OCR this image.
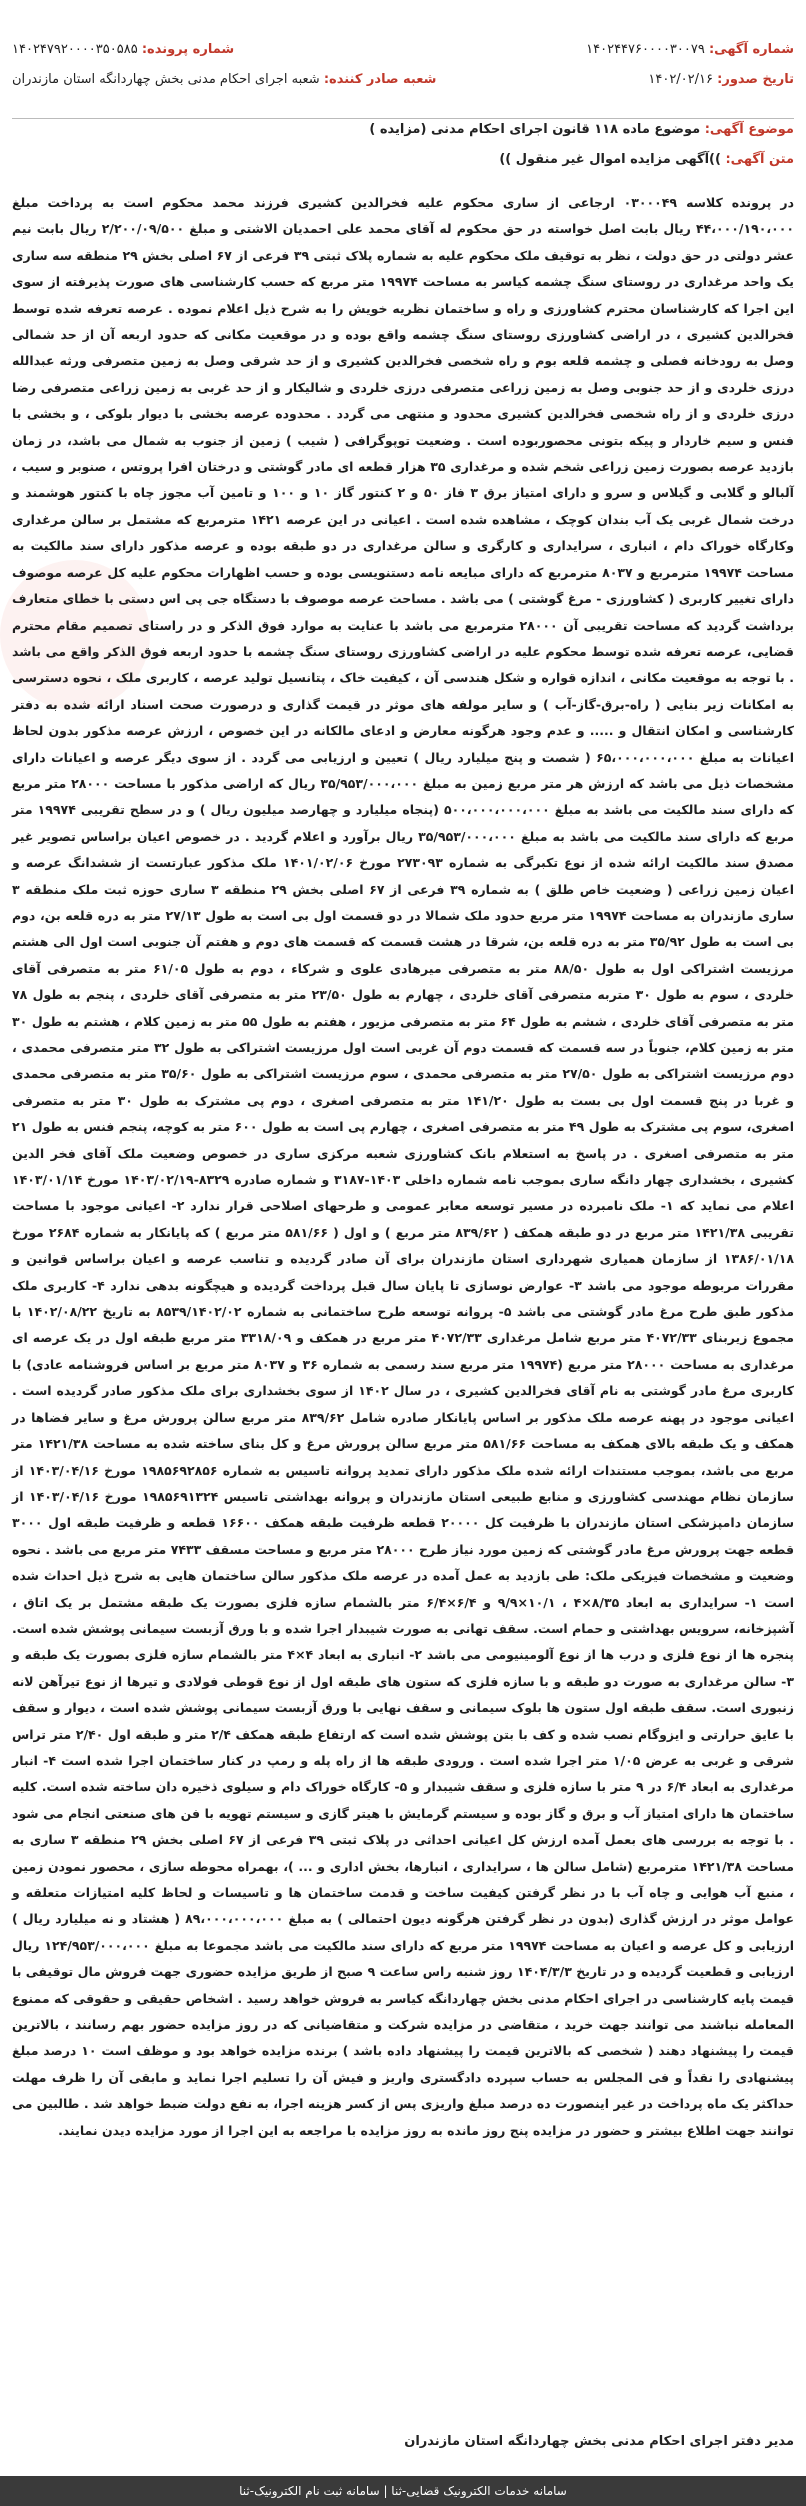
شماره آگهی: ۱۴۰۲۴۴۷۶۰۰۰۰۳۰۰۷۹
تاریخ صدور: ۱۴۰۲/۰۲/۱۶
شماره پرونده: ۱۴۰۲۴۷۹۲۰۰۰۰۳۵۰۵۸۵
شعبه صادر کننده: شعبه اجرای احکام مدنی بخش چهاردانگه استان مازندران
موضوع آگهی: موضوع ماده ۱۱۸ قانون اجرای احکام مدنی (مزایده )
متن آگهی: ))آگهی مزایده اموال غیر منقول ))

در پرونده کلاسه ۰۳۰۰۰۴۹ ارجاعی از ساری محکوم علیه فخرالدین کشیری فرزند محمد محکوم است به پرداخت مبلغ ۴۴،۰۰۰/۱۹۰،۰۰۰ ریال بابت اصل خواسته در حق محکوم له آقای محمد علی احمدیان الاشتی و مبلغ ۲/۲۰۰/۰۹/۵۰۰ ریال بابت نیم عشر دولتی در حق دولت ، نظر به توقیف ملک محکوم علیه به شماره پلاک ثبتی ۳۹ فرعی از ۶۷ اصلی بخش ۲۹ منطقه سه ساری یک واحد مرغداری در روستای سنگ چشمه کیاسر به مساحت ۱۹۹۷۴ متر مربع که حسب کارشناسی های صورت پذیرفته از سوی این اجرا که کارشناسان محترم کشاورزی و راه و ساختمان نظریه خویش را به شرح ذیل اعلام نموده . عرصه تعرفه شده توسط فخرالدین کشیری ، در اراضی کشاورزی روستای سنگ چشمه واقع بوده و در موقعیت مکانی که حدود اربعه آن از حد شمالی وصل به رودخانه فصلی و چشمه قلعه بوم و راه شخصی فخرالدین کشیری و از حد شرقی وصل به زمین متصرفی ورثه عبدالله درزی خلردی و از حد جنوبی وصل به زمین زراعی متصرفی درزی خلردی و شالیکار و از حد غربی به زمین زراعی متصرفی رضا درزی خلردی و از راه شخصی فخرالدین کشیری محدود و منتهی می گردد . محدوده عرصه بخشی با دیوار بلوکی ، و بخشی با فنس و سیم خاردار و پیکه بتونی محصوربوده است . وضعیت توپوگرافی ( شیب ) زمین از جنوب به شمال می باشد، در زمان بازدید عرصه بصورت زمین زراعی شخم شده و مرغداری ۳۵ هزار قطعه ای مادر گوشتی و درختان افرا پروتس ، صنوبر و سیب ، آلبالو و گلابی و گیلاس و سرو و دارای امتیاز برق ۳ فاز ۵۰ و ۲ کنتور گاز ۱۰ و ۱۰۰ و تامین آب مجوز چاه با کنتور هوشمند و درخت شمال غربی یک آب بندان کوچک ، مشاهده شده است . اعیانی در این عرصه ۱۴۲۱ مترمربع که مشتمل بر سالن مرغداری وکارگاه خوراک دام ، انباری ، سرایداری و کارگری و سالن مرغداری در دو طبقه بوده و عرصه مذکور دارای سند مالکیت به مساحت ۱۹۹۷۴ مترمربع و ۸۰۳۷ مترمربع که دارای مبایعه نامه دستنویسی بوده و حسب اظهارات محکوم علیه کل عرصه موصوف دارای تغییر کاربری ( کشاورزی - مرغ گوشتی ) می باشد . مساحت عرصه موصوف با دستگاه جی پی اس دستی با خطای متعارف برداشت گردید که مساحت تقریبی آن ۲۸۰۰۰ مترمربع می باشد با عنایت به موارد فوق الذکر و در راستای تصمیم مقام محترم قضایی، عرصه تعرفه شده توسط محکوم علیه در اراضی کشاورزی روستای سنگ چشمه با حدود اربعه فوق الذکر واقع می باشد . با توجه به موقعیت مکانی ، اندازه قواره و شکل هندسی آن ، کیفیت خاک ، پتانسیل تولید عرصه ، کاربری ملک ، نحوه دسترسی به امکانات زیر بنایی ( راه-برق-گاز-آب ) و سایر مولفه های موثر در قیمت گذاری و درصورت صحت اسناد ارائه شده به دفتر کارشناسی و امکان انتقال و ..... و عدم وجود هرگونه معارض و ادعای مالکانه در این خصوص ، ارزش عرصه مذکور بدون لحاظ اعیانات به مبلغ ۶۵،۰۰۰،۰۰۰،۰۰۰ ( شصت و پنج میلیارد ریال ) تعیین و ارزیابی می گردد . از سوی دیگر عرصه و اعیانات دارای مشخصات ذیل می باشد که ارزش هر متر مربع زمین به مبلغ ۳۵/۹۵۳/۰۰۰،۰۰۰ ریال که اراضی مذکور با مساحت ۲۸۰۰۰ متر مربع که دارای سند مالکیت می باشد به مبلغ ۵۰۰،۰۰۰،۰۰۰،۰۰۰ (پنجاه میلیارد و چهارصد میلیون ریال ) و در سطح تقریبی ۱۹۹۷۴ متر مربع که دارای سند مالکیت می باشد به مبلغ ۳۵/۹۵۳/۰۰۰،۰۰۰ ریال برآورد و اعلام گردید . در خصوص اعیان براساس تصویر غیر مصدق سند مالکیت ارائه شده از نوع تکبرگی به شماره ۲۷۳۰۹۳ مورخ ۱۴۰۱/۰۲/۰۶ ملک مذکور عبارتست از ششدانگ عرصه و اعیان زمین زراعی ( وضعیت خاص طلق ) به شماره ۳۹ فرعی از ۶۷ اصلی بخش ۲۹ منطقه ۳ ساری حوزه ثبت ملک منطقه ۳ ساری مازندران به مساحت ۱۹۹۷۴ متر مربع حدود ملک شمالا در دو قسمت اول بی است به طول ۲۷/۱۳ متر به دره قلعه بن، دوم بی است به طول ۳۵/۹۲ متر به دره قلعه بن، شرقا در هشت قسمت که قسمت های دوم و هفتم آن جنوبی است اول الی هشتم مرزیست اشتراکی اول به طول ۸۸/۵۰ متر به متصرفی میرهادی علوی و شرکاء ، دوم به طول ۶۱/۰۵ متر به متصرفی آقای خلردی ، سوم به طول ۳۰ متربه متصرفی آقای خلردی ، چهارم به طول ۲۳/۵۰ متر به متصرفی آقای خلردی ، پنجم به طول ۷۸ متر به متصرفی آقای خلردی ، ششم به طول ۶۴ متر به متصرفی مزیور ، هفتم به طول ۵۵ متر به زمین کلام ، هشتم به طول ۳۰ متر به زمین کلام، جنوباً در سه قسمت که قسمت دوم آن غربی است اول مرزیست اشتراکی به طول ۳۲ متر متصرفی محمدی ، دوم مرزیست اشتراکی به طول ۲۷/۵۰ متر به متصرفی محمدی ، سوم مرزیست اشتراکی به طول ۳۵/۶۰ متر به متصرفی محمدی و غربا در پنج قسمت اول بی بست به طول ۱۴۱/۲۰ متر به متصرفی اصغری ، دوم پی مشترک به طول ۳۰ متر به متصرفی اصغری، سوم پی مشترک به طول ۴۹ متر به متصرفی اصغری ، چهارم پی است به طول ۶۰۰ متر به کوچه، پنجم فنس به طول ۲۱ متر به متصرفی اصغری . در پاسخ به استعلام بانک کشاورزی شعبه مرکزی ساری در خصوص وضعیت ملک آقای فخر الدین کشیری ، بخشداری چهار دانگه ساری بموجب نامه شماره داخلی ۱۴۰۳-۳۱۸۷ و شماره صادره ۸۳۲۹-۱۴۰۳/۰۲/۱۹ مورخ ۱۴۰۳/۰۱/۱۴ اعلام می نماید که ۱- ملک نامبرده در مسیر توسعه معابر عمومی و طرحهای اصلاحی قرار ندارد ۲- اعیانی موجود با مساحت تقریبی ۱۴۲۱/۳۸ متر مربع در دو طبقه همکف ( ۸۳۹/۶۲ متر مربع ) و اول ( ۵۸۱/۶۶ متر مربع ) که پایانکار به شماره ۲۶۸۴ مورخ ۱۳۸۶/۰۱/۱۸ از سازمان همیاری شهرداری استان مازندران برای آن صادر گردیده و تناسب عرصه و اعیان براساس قوانین و مقررات مربوطه موجود می باشد ۳- عوارض نوسازی تا پایان سال قبل پرداخت گردیده و هیچگونه بدهی ندارد ۴- کاربری ملک مذکور طبق طرح مرغ مادر گوشتی می باشد ۵- پروانه توسعه طرح ساختمانی به شماره ۸۵۳۹/۱۴۰۲/۰۲ به تاریخ ۱۴۰۲/۰۸/۲۲ با مجموع زیربنای ۴۰۷۲/۳۳ متر مربع شامل مرغداری ۴۰۷۲/۳۳ متر مربع در همکف و ۳۳۱۸/۰۹ متر مربع طبقه اول در یک عرصه ای مرغداری به مساحت ۲۸۰۰۰ متر مربع (۱۹۹۷۴ متر مربع سند رسمی به شماره ۳۶ و ۸۰۳۷ متر مربع بر اساس فروشنامه عادی) با کاربری مرغ مادر گوشتی به نام آقای فخرالدین کشیری ، در سال ۱۴۰۲ از سوی بخشداری برای ملک مذکور صادر گردیده است . اعیانی موجود در پهنه عرصه ملک مذکور بر اساس پایانکار صادره شامل ۸۳۹/۶۲ متر مربع سالن پرورش مرغ و سایر فضاها در همکف و یک طبقه بالای همکف به مساحت ۵۸۱/۶۶ متر مربع سالن پرورش مرغ و کل بنای ساخته شده به مساحت ۱۴۲۱/۳۸ متر مربع می باشد، بموجب مستندات ارائه شده ملک مذکور دارای تمدید پروانه تاسیس به شماره ۱۹۸۵۶۹۲۸۵۶ مورخ ۱۴۰۳/۰۴/۱۶ از سازمان نظام مهندسی کشاورزی و منابع طبیعی استان مازندران و پروانه بهداشتی تاسیس ۱۹۸۵۶۹۱۳۲۴ مورخ ۱۴۰۳/۰۴/۱۶ از سازمان دامپزشکی استان مازندران با ظرفیت کل ۲۰۰۰۰ قطعه ظرفیت طبقه همکف ۱۶۶۰۰ قطعه و ظرفیت طبقه اول ۳۰۰۰ قطعه جهت پرورش مرغ مادر گوشتی که زمین مورد نیاز طرح ۲۸۰۰۰ متر مربع و مساحت مسقف ۷۴۳۳ متر مربع می باشد . نحوه وضعیت و مشخصات فیزیکی ملک: طی بازدید به عمل آمده در عرصه ملک مذکور سالن ساختمان هایی به شرح ذیل احداث شده است ۱- سرایداری به ابعاد ۸/۳۵×۴ ، ۱۰/۱×۹/۹ و ۶/۴×۶/۴ متر بالشمام سازه فلزی بصورت یک طبقه مشتمل بر یک اتاق ، آشپزخانه، سرویس بهداشتی و حمام است. سقف تهانی به صورت شیبدار اجرا شده و با ورق آزبست سیمانی پوشش شده است. پنجره ها از نوع فلزی و درب ها از نوع آلومینیومی می باشد ۲- انباری به ابعاد ۴×۴ متر بالشمام سازه فلزی بصورت یک طبقه و ۳- سالن مرغداری به صورت دو طبقه و با سازه فلزی که ستون های طبقه اول از نوع قوطی فولادی و تیرها از نوع تیرآهن لانه زنبوری است. سقف طبقه اول ستون ها بلوک سیمانی و سقف نهایی با ورق آزبست سیمانی پوشش شده است ، دیوار و سقف با عایق حرارتی و ایزوگام نصب شده و کف با بتن پوشش شده است که ارتفاع طبقه همکف ۲/۴ متر و طبقه اول ۲/۴۰ متر تراس شرقی و غربی به عرض ۱/۰۵ متر اجرا شده است . ورودی طبقه ها از راه پله و رمپ در کنار ساختمان اجرا شده است ۴- انبار مرغداری به ابعاد ۶/۴ در ۹ متر با سازه فلزی و سقف شیبدار و ۵- کارگاه خوراک دام و سیلوی ذخیره دان ساخته شده است. کلیه ساختمان ها دارای امتیاز آب و برق و گاز بوده و سیستم گرمایش با هیتر گازی و سیستم تهویه با فن های صنعتی انجام می شود . با توجه به بررسی های بعمل آمده ارزش کل اعیانی احداثی در پلاک ثبتی ۳۹ فرعی از ۶۷ اصلی بخش ۲۹ منطقه ۳ ساری به مساحت ۱۴۲۱/۳۸ مترمربع (شامل سالن ها ، سرایداری ، انبارها، بخش اداری و ... )، بهمراه محوطه سازی ، محصور نمودن زمین ، منبع آب هوایی و چاه آب با در نظر گرفتن کیفیت ساخت و قدمت ساختمان ها و تاسیسات و لحاظ کلیه امتیازات متعلقه و عوامل موثر در ارزش گذاری (بدون در نظر گرفتن هرگونه دیون احتمالی ) به مبلغ ۸۹،۰۰۰،۰۰۰،۰۰۰ ( هشتاد و نه میلیارد ریال ) ارزیابی و کل عرصه و اعیان به مساحت ۱۹۹۷۴ متر مربع که دارای سند مالکیت می باشد مجموعا به مبلغ ۱۲۴/۹۵۳/۰۰۰،۰۰۰ ریال ارزیابی و قطعیت گردیده و در تاریخ ۱۴۰۴/۳/۳ روز شنبه راس ساعت ۹ صبح از طریق مزایده حضوری جهت فروش مال توقیفی با قیمت پایه کارشناسی در اجرای احکام مدنی بخش چهاردانگه کیاسر به فروش خواهد رسید . اشخاص حقیقی و حقوقی که ممنوع المعامله نباشند می توانند جهت خرید ، متقاضی در مزایده شرکت و متقاضیانی که در روز مزایده حضور بهم رسانند ، بالاترین قیمت را پیشنهاد دهند ( شخصی که بالاترین قیمت را پیشنهاد داده باشد ) برنده مزایده خواهد بود و موظف است ۱۰ درصد مبلغ پیشنهادی را نقداً و فی المجلس به حساب سپرده دادگستری واریز و فیش آن را تسلیم اجرا نماید و مابقی آن را ظرف مهلت حداکثر یک ماه پرداخت در غیر اینصورت ده درصد مبلغ واریزی پس از کسر هزینه اجرا، به نفع دولت ضبط خواهد شد . طالبین می توانند جهت اطلاع بیشتر و حضور در مزایده پنج روز مانده به روز مزایده با مراجعه به این اجرا از مورد مزایده دیدن نمایند.

مدیر دفتر اجرای احکام مدنی بخش چهاردانگه استان مازندران
سامانه خدمات الکترونیک قضایی-ثنا | سامانه ثبت نام الکترونیک-ثنا
